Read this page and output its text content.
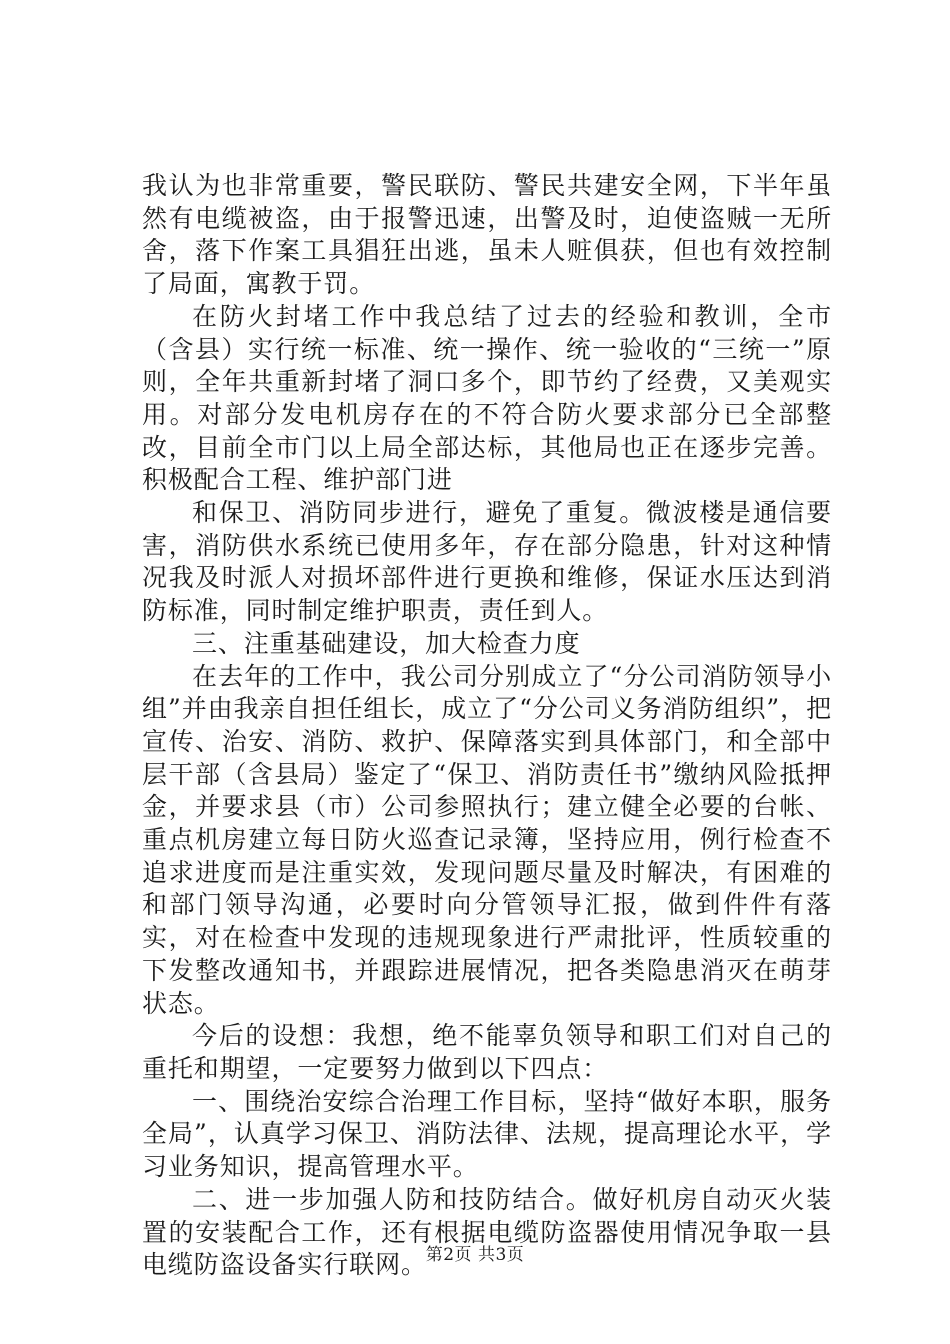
我认为也非常重要，警民联防、警民共建安全网，下半年虽然有电缆被盗，由于报警迅速，出警及时，迫使盗贼一无所舍，落下作案工具猖狂出逃，虽未人赃俱获，但也有效控制了局面，寓教于罚。

在防火封堵工作中我总结了过去的经验和教训，全市（含县）实行统一标准、统一操作、统一验收的“三统一”原则，全年共重新封堵了洞口多个，即节约了经费，又美观实用。对部分发电机房存在的不符合防火要求部分已全部整改，目前全市门以上局全部达标，其他局也正在逐步完善。积极配合工程、维护部门进

和保卫、消防同步进行，避免了重复。微波楼是通信要害，消防供水系统已使用多年，存在部分隐患，针对这种情况我及时派人对损坏部件进行更换和维修，保证水压达到消防标准，同时制定维护职责，责任到人。

三、注重基础建设，加大检查力度

在去年的工作中，我公司分别成立了“分公司消防领导小组”并由我亲自担任组长，成立了“分公司义务消防组织”，把宣传、治安、消防、救护、保障落实到具体部门，和全部中层干部（含县局）鉴定了“保卫、消防责任书”缴纳风险抵押金，并要求县（市）公司参照执行；建立健全必要的台帐、重点机房建立每日防火巡查记录簿，坚持应用，例行检查不追求进度而是注重实效，发现问题尽量及时解决，有困难的和部门领导沟通，必要时向分管领导汇报，做到件件有落实，对在检查中发现的违规现象进行严肃批评，性质较重的下发整改通知书，并跟踪进展情况，把各类隐患消灭在萌芽状态。

今后的设想：我想，绝不能辜负领导和职工们对自己的重托和期望，一定要努力做到以下四点：

一、围绕治安综合治理工作目标，坚持“做好本职，服务全局”，认真学习保卫、消防法律、法规，提高理论水平，学习业务知识，提高管理水平。

二、进一步加强人防和技防结合。做好机房自动灭火装置的安装配合工作，还有根据电缆防盗器使用情况争取一县电缆防盗设备实行联网。

第2页 共3页
